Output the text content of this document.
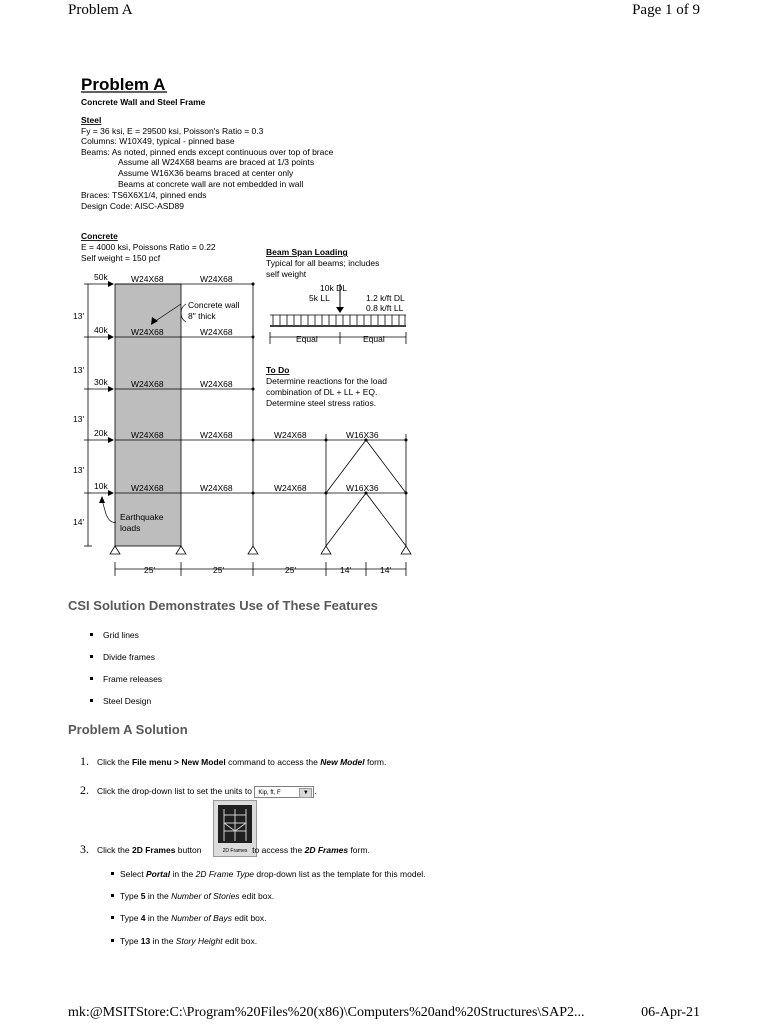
Problem A	Page 1 of 9
Problem A
Concrete Wall and Steel Frame
Steel
Fy = 36 ksi, E = 29500 ksi, Poisson's Ratio = 0.3
Columns: W10X49, typical - pinned base
Beams: As noted, pinned ends except continuous over top of brace
Assume all W24X68 beams are braced at 1/3 points
Assume W16X36 beams braced at center only
Beams at concrete wall are not embedded in wall
Braces: TS6X6X1/4, pinned ends
Design Code: AISC-ASD89
Concrete
E = 4000 ksi, Poissons Ratio = 0.22
Self weight = 150 pcf
Beam Span Loading
Typical for all beams; includes
self weight
10k DL
5k LL	1.2 k/ft DL
0.8 k/ft LL
Equal	Equal
To Do
Determine reactions for the load
combination of DL + LL + EQ.
Determine steel stress ratios.
50k
40k
30k
20k
10k
13'
13'
13'
13'
14'
W24X68	W24X68
W24X68	W24X68
W24X68	W24X68
W24X68	W24X68	W24X68	W16X36
W24X68	W24X68	W24X68	W16X36
Concrete wall
8" thick
Earthquake
loads
25'	25'	25'	14'	14'
CSI Solution Demonstrates Use of These Features
Grid lines
Divide frames
Frame releases
Steel Design
Problem A Solution
1. Click the File menu > New Model command to access the New Model form.
2. Click the drop-down list to set the units to Kip, ft, F	▼ .
2D Frames
3. Click the 2D Frames button	to access the 2D Frames form.
Select Portal in the 2D Frame Type drop-down list as the template for this model.
Type 5 in the Number of Stories edit box.
Type 4 in the Number of Bays edit box.
Type 13 in the Story Height edit box.
mk:@MSITStore:C:\Program%20Files%20(x86)\Computers%20and%20Structures\SAP2...	06-Apr-21
